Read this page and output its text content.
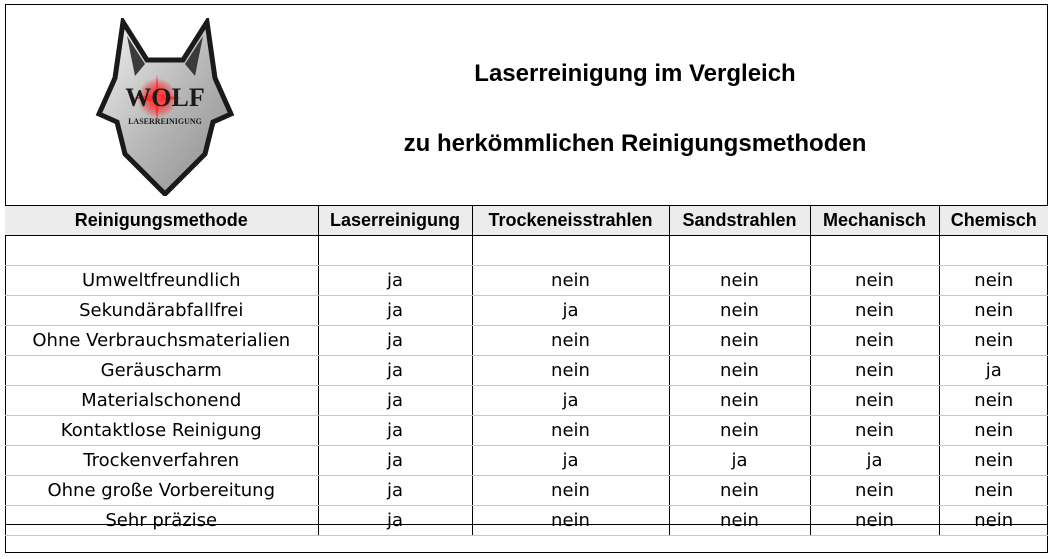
WOLF
LASERREINIGUNG
Laserreinigung im Vergleich
zu herkömmlichen Reinigungsmethoden
Reinigungsmethode	Laserreinigung	Trockeneisstrahlen	Sandstrahlen	Mechanisch	Chemisch

Umweltfreundlich	ja	nein	nein	nein	nein
Sekundärabfallfrei	ja	ja	nein	nein	nein
Ohne Verbrauchsmaterialien	ja	nein	nein	nein	nein
Geräuscharm	ja	nein	nein	nein	ja
Materialschonend	ja	ja	nein	nein	nein
Kontaktlose Reinigung	ja	nein	nein	nein	nein
Trockenverfahren	ja	ja	ja	ja	nein
Ohne große Vorbereitung	ja	nein	nein	nein	nein
Sehr präzise	ja	nein	nein	nein	nein
